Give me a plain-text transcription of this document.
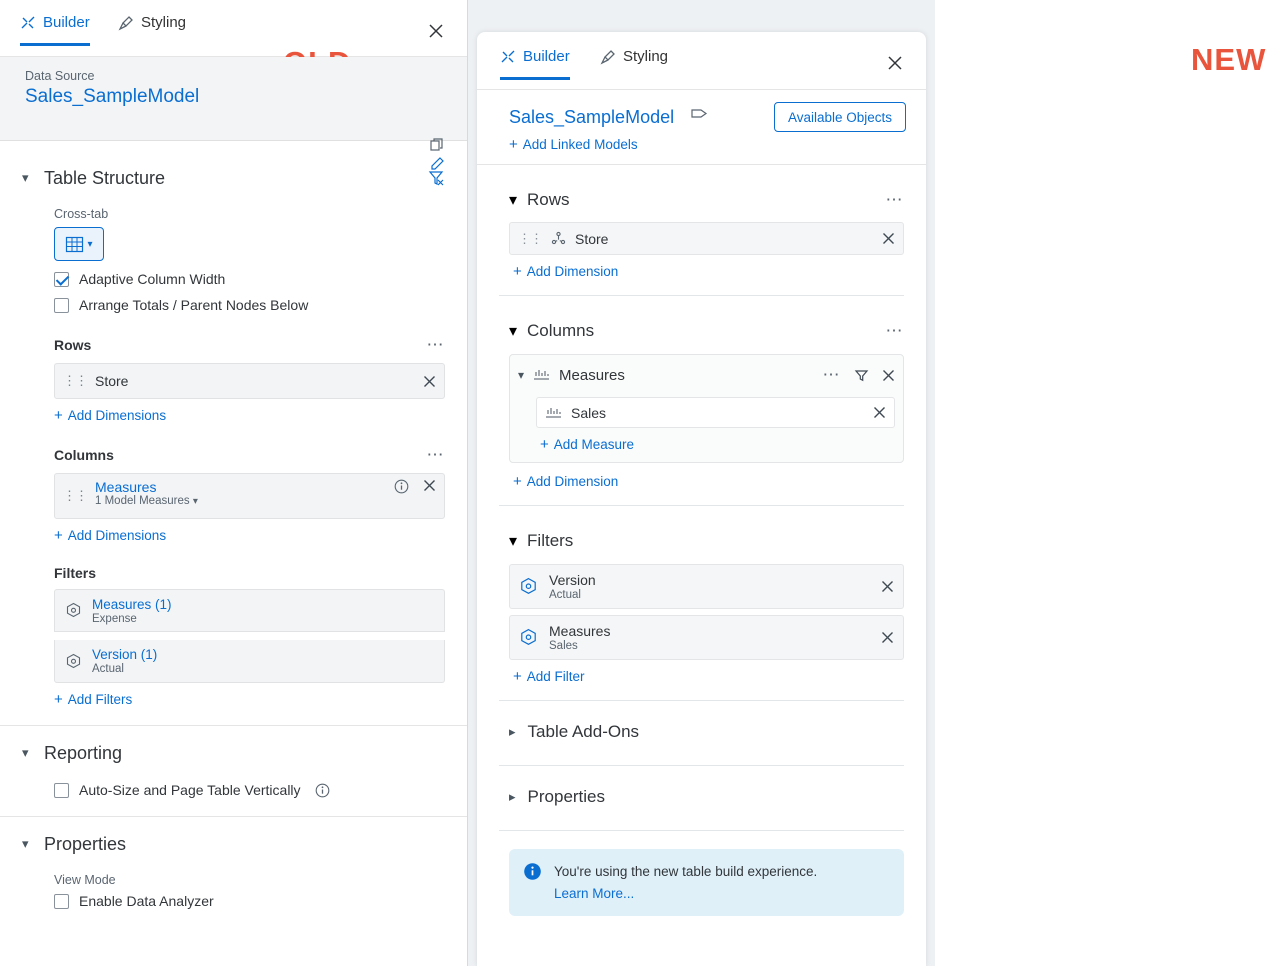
Builder	Styling
Data Source
Sales_SampleModel
▾ Table Structure
Cross-tab
▾
Adaptive Column Width
Arrange Totals / Parent Nodes Below
Rows	⋯
⋮⋮ Store
+ Add Dimensions
Columns	⋯
⋮⋮
Measures
1 Model Measures ▾
+ Add Dimensions
Filters
Measures (1)
Expense
Version (1)
Actual
+ Add Filters
▾ Reporting
Auto-Size and Page Table Vertically
▾ Properties
View Mode
Enable Data Analyzer
NEW
Builder	Styling
Sales_SampleModel	Available Objects
+ Add Linked Models
▾ Rows	⋯
⋮⋮ Store
+ Add Dimension
▾ Columns	⋯
▾ Measures	⋯
Sales
+ Add Measure
+ Add Dimension
▾ Filters
Version
Actual
Measures
Sales
+ Add Filter
▸ Table Add-Ons
▸ Properties
You're using the new table build experience.
Learn More...
